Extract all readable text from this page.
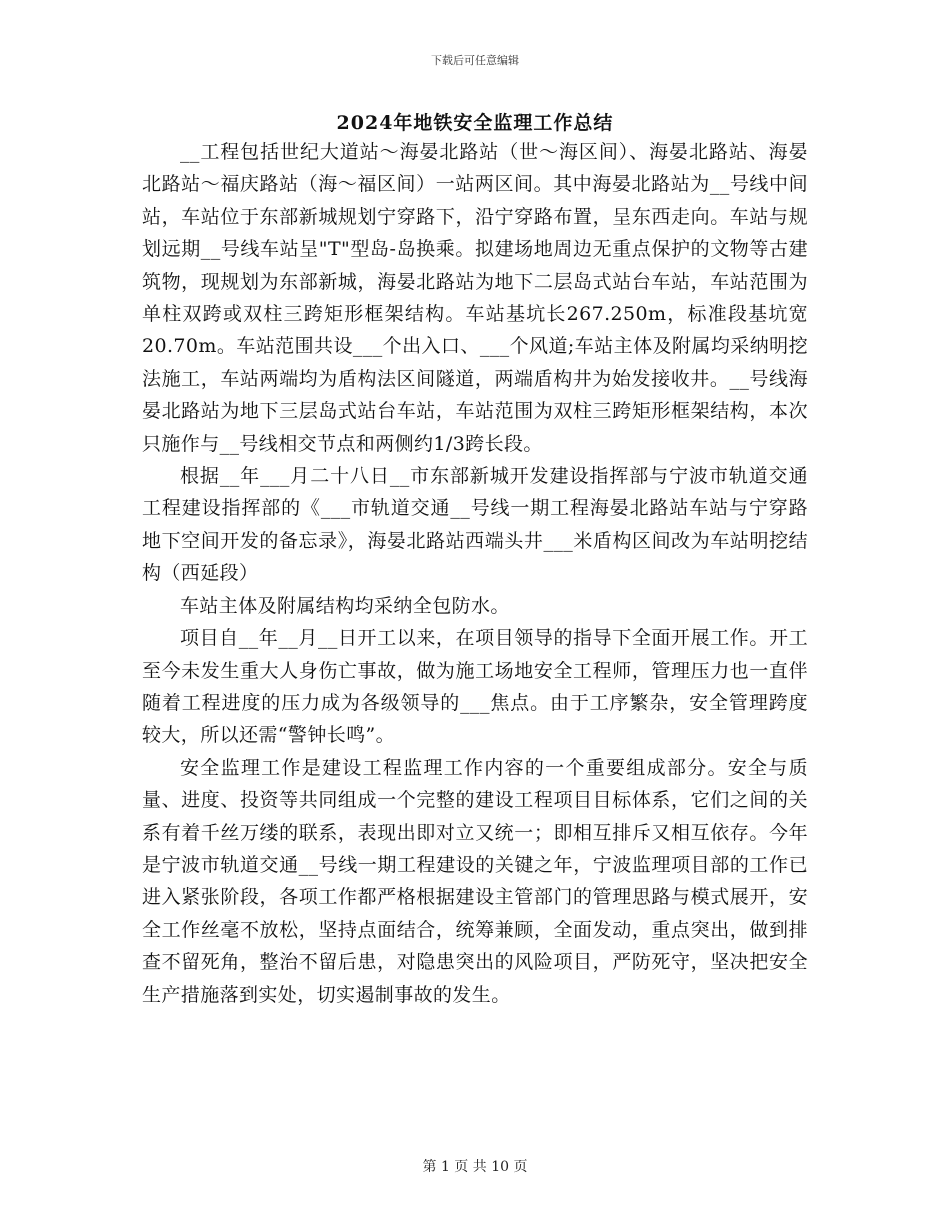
下载后可任意编辑
2024年地铁安全监理工作总结

__工程包括世纪大道站～海晏北路站（世～海区间）、海晏北路站、海晏北路站～福庆路站（海～福区间）一站两区间。其中海晏北路站为__号线中间站，车站位于东部新城规划宁穿路下，沿宁穿路布置，呈东西走向。车站与规划远期__号线车站呈"T"型岛-岛换乘。拟建场地周边无重点保护的文物等古建筑物，现规划为东部新城，海晏北路站为地下二层岛式站台车站，车站范围为单柱双跨或双柱三跨矩形框架结构。车站基坑长267.250m，标准段基坑宽20.70m。车站范围共设___个出入口、___个风道;车站主体及附属均采纳明挖法施工，车站两端均为盾构法区间隧道，两端盾构井为始发接收井。__号线海晏北路站为地下三层岛式站台车站，车站范围为双柱三跨矩形框架结构，本次只施作与__号线相交节点和两侧约1/3跨长段。

根据__年___月二十八日__市东部新城开发建设指挥部与宁波市轨道交通工程建设指挥部的《___市轨道交通__号线一期工程海晏北路站车站与宁穿路地下空间开发的备忘录》，海晏北路站西端头井___米盾构区间改为车站明挖结构（西延段）

车站主体及附属结构均采纳全包防水。

项目自__年__月__日开工以来，在项目领导的指导下全面开展工作。开工至今未发生重大人身伤亡事故，做为施工场地安全工程师，管理压力也一直伴随着工程进度的压力成为各级领导的___焦点。由于工序繁杂，安全管理跨度较大，所以还需“警钟长鸣”。

安全监理工作是建设工程监理工作内容的一个重要组成部分。安全与质量、进度、投资等共同组成一个完整的建设工程项目目标体系，它们之间的关系有着千丝万缕的联系，表现出即对立又统一；即相互排斥又相互依存。今年是宁波市轨道交通__号线一期工程建设的关键之年，宁波监理项目部的工作已进入紧张阶段，各项工作都严格根据建设主管部门的管理思路与模式展开，安全工作丝毫不放松，坚持点面结合，统筹兼顾，全面发动，重点突出，做到排查不留死角，整治不留后患，对隐患突出的风险项目，严防死守，坚决把安全生产措施落到实处，切实遏制事故的发生。

第 1 页 共 10 页
